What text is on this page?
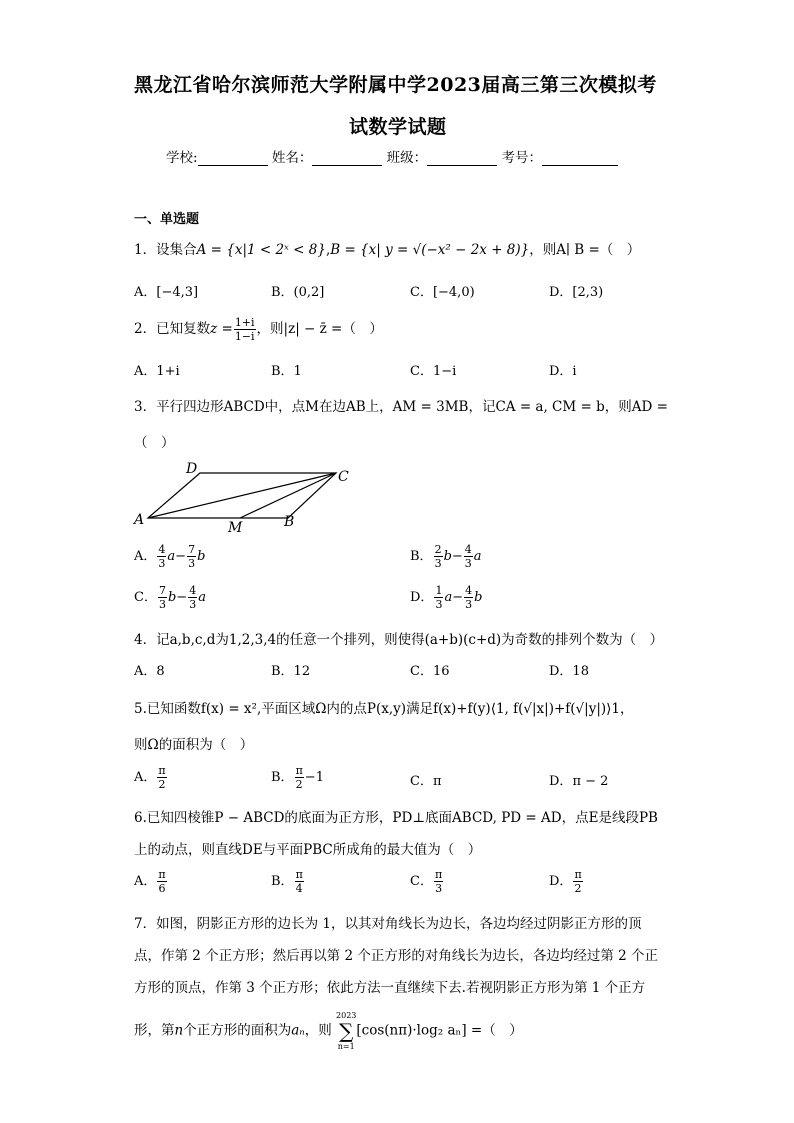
黑龙江省哈尔滨师范大学附属中学2023届高三第三次模拟考
试数学试题
学校:	姓名：	班级：	考号：
一、单选题
1．设集合A = {x|1 < 2ˣ < 8},B = {x| y = √(−x² − 2x + 8)}，则A∣ B =（　）
A．[−4,3]	B．(0,2]	C．[−4,0)	D．[2,3)
2．已知复数$z = \frac{1+i}{1-i}$ ，则|z| − z̄ =（　）
A．1+i	B．1	C．1−i	D．i
3．平行四边形ABCD中，点M在边AB上，AM = 3MB，记CA = a, CM = b，则AD =
（　）
D	C
A	M	B
A． $\frac{4}{3} a- \frac{7}{3}$ b	B． $\frac{2}{3} b- \frac{4}{3}$ a
C． $\frac{7}{3} b- \frac{4}{3}$ a	D． $\frac{1}{3} a- \frac{4}{3}$ b
4．记a,b,c,d为1,2,3,4的任意一个排列，则使得(a+b)(c+d)为奇数的排列个数为（　）
A．8	B．12	C．16	D．18
5.已知函数f(x) = x²,平面区域Ω内的点P(x,y)满足f(x)+f(y)⟨1, f(√|x|)+f(√|y|)⟩1，
则Ω的面积为（　）
A． $\frac{\pi}{2}$	B． $\frac{\pi}{2} -1$	C．π	D．π − 2
6.已知四棱锥P − ABCD的底面为正方形，PD⊥底面ABCD, PD = AD，点E是线段PB
上的动点，则直线DE与平面PBC所成角的最大值为（　）
A． $\frac{\pi}{6}$	B． $\frac{\pi}{4}$	C． $\frac{\pi}{3}$	D． $\frac{\pi}{2}$
7．如图，阴影正方形的边长为 1，以其对角线长为边长，各边均经过阴影正方形的顶
点，作第 2 个正方形；然后再以第 2 个正方形的对角线长为边长，各边均经过第 2 个正
方形的顶点，作第 3 个正方形；依此方法一直继续下去.若视阴影正方形为第 1 个正方
形，第n个正方形的面积为aₙ，则
2023
∑
n=1
[cos(nπ)·log₂ aₙ] =（　）
